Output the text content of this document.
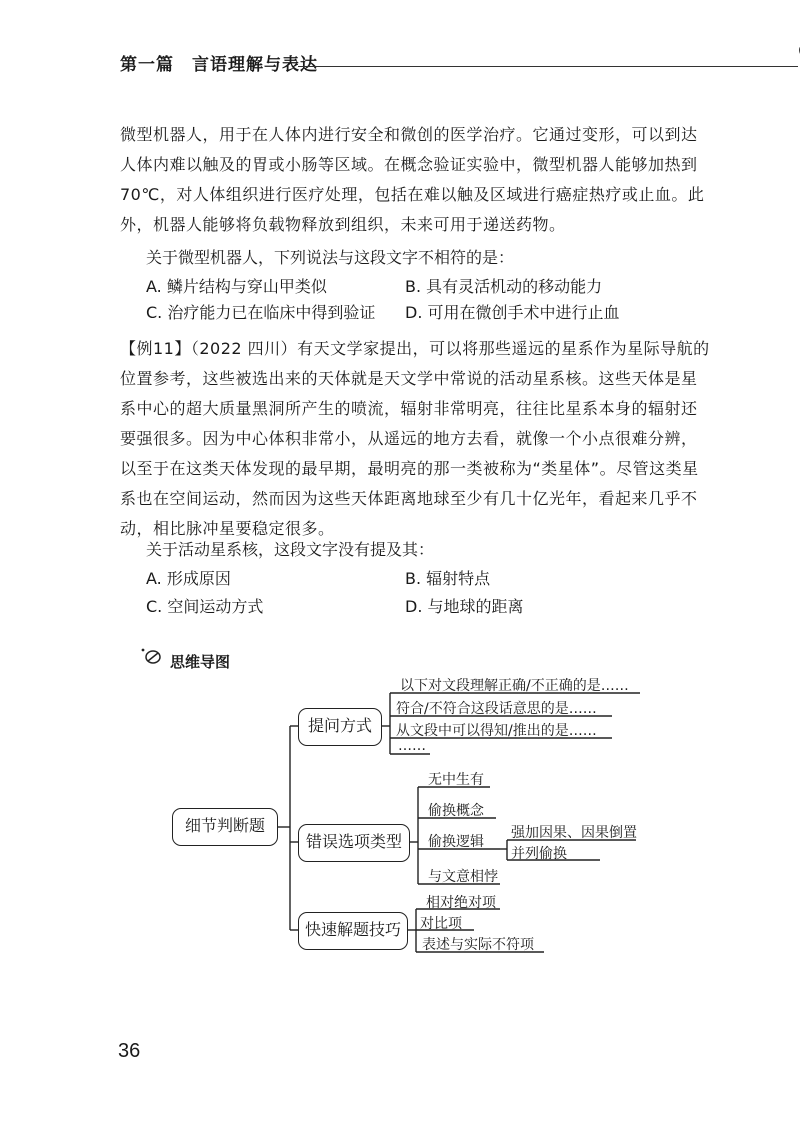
第一篇　言语理解与表达

微型机器人，用于在人体内进行安全和微创的医学治疗。它通过变形，可以到达人体内难以触及的胃或小肠等区域。在概念验证实验中，微型机器人能够加热到70℃，对人体组织进行医疗处理，包括在难以触及区域进行癌症热疗或止血。此外，机器人能够将负载物释放到组织，未来可用于递送药物。

关于微型机器人，下列说法与这段文字不相符的是：
A. 鳞片结构与穿山甲类似	B. 具有灵活机动的移动能力
C. 治疗能力已在临床中得到验证 D. 可用在微创手术中进行止血

【例11】（2022 四川）有天文学家提出，可以将那些遥远的星系作为星际导航的位置参考，这些被选出来的天体就是天文学中常说的活动星系核。这些天体是星系中心的超大质量黑洞所产生的喷流，辐射非常明亮，往往比星系本身的辐射还要强很多。因为中心体积非常小，从遥远的地方去看，就像一个小点很难分辨，以至于在这类天体发现的最早期，最明亮的那一类被称为“类星体”。尽管这类星系也在空间运动，然而因为这些天体距离地球至少有几十亿光年，看起来几乎不动，相比脉冲星要稳定很多。

关于活动星系核，这段文字没有提及其：
A. 形成原因	B. 辐射特点
C. 空间运动方式	D. 与地球的距离
思维导图
细节判断题
提问方式
错误选项类型
快速解题技巧
以下对文段理解正确/不正确的是……
符合/不符合这段话意思的是……
从文段中可以得知/推出的是……
……
无中生有
偷换概念
偷换逻辑
与文意相悖
强加因果、因果倒置
并列偷换
相对绝对项
对比项
表述与实际不符项
36
